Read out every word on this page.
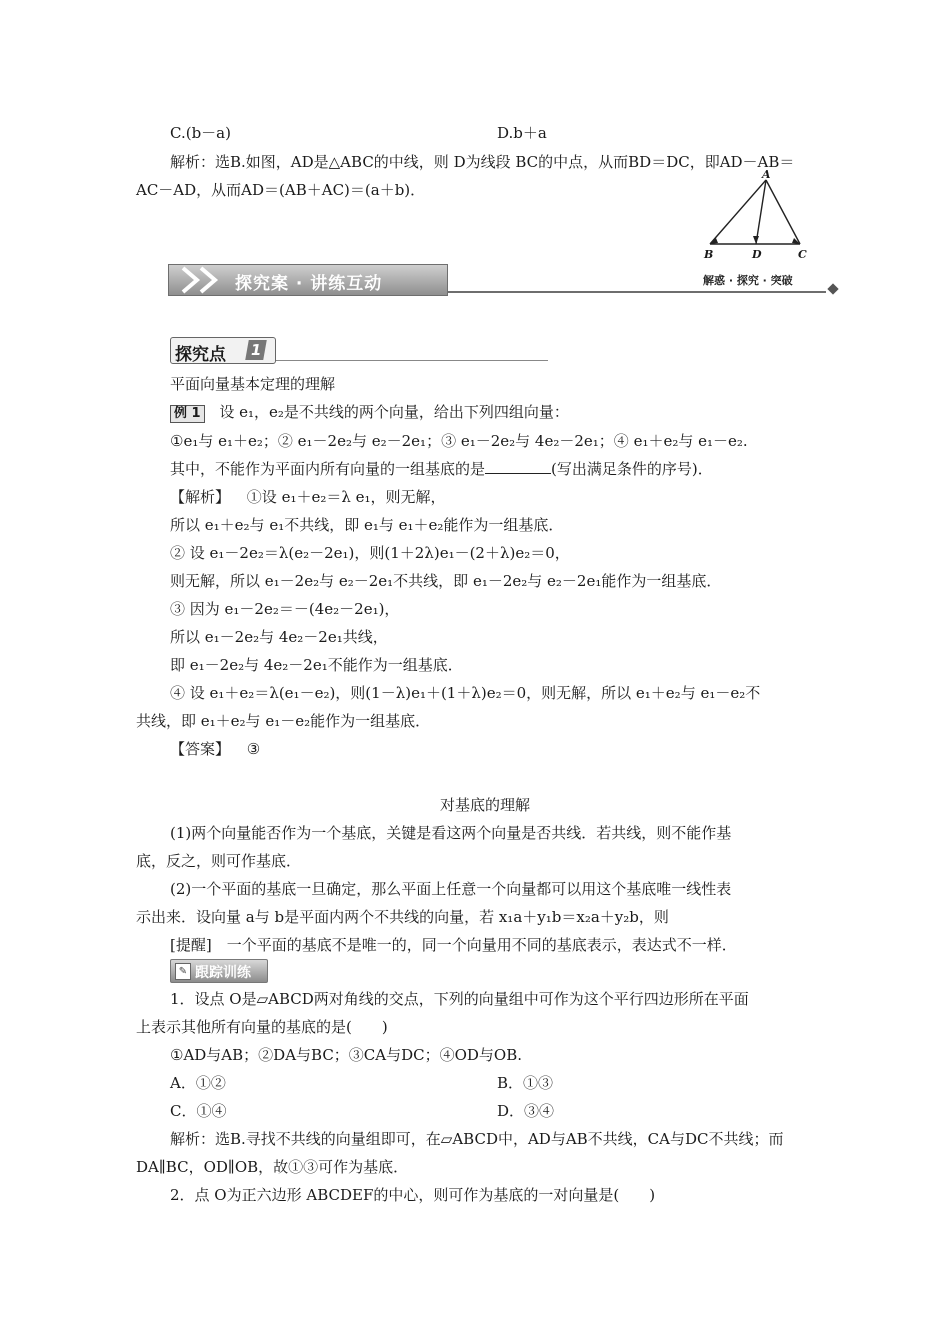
C.(b－a)	D.b＋a
解析：选B.如图，AD是△ABC的中线，则 D为线段 BC的中点，从而BD＝DC，即AD－AB＝
AC－AD，从而AD＝(AB＋AC)＝(a＋b)．
A
B	D	C
探究案 · 讲练互动	解惑 · 探究 · 突破
探究点 1
平面向量基本定理的理解
例 1 设 e₁，e₂是不共线的两个向量，给出下列四组向量：
①e₁与 e₁＋e₂；② e₁－2e₂与 e₂－2e₁；③ e₁－2e₂与 4e₂－2e₁；④ e₁＋e₂与 e₁－e₂.
其中，不能作为平面内所有向量的一组基底的是	(写出满足条件的序号)．
【解析】 ①设 e₁＋e₂＝λ e₁，则无解，
所以 e₁＋e₂与 e₁不共线，即 e₁与 e₁＋e₂能作为一组基底．
② 设 e₁－2e₂＝λ(e₂－2e₁)，则(1＋2λ)e₁－(2＋λ)e₂＝0，
则无解，所以 e₁－2e₂与 e₂－2e₁不共线，即 e₁－2e₂与 e₂－2e₁能作为一组基底．
③ 因为 e₁－2e₂＝－(4e₂－2e₁)，
所以 e₁－2e₂与 4e₂－2e₁共线，
即 e₁－2e₂与 4e₂－2e₁不能作为一组基底．
④ 设 e₁＋e₂＝λ(e₁－e₂)，则(1－λ)e₁＋(1＋λ)e₂＝0，则无解，所以 e₁＋e₂与 e₁－e₂不
共线，即 e₁＋e₂与 e₁－e₂能作为一组基底．
【答案】 ③
对基底的理解
(1)两个向量能否作为一个基底，关键是看这两个向量是否共线．若共线，则不能作基
底，反之，则可作基底．
(2)一个平面的基底一旦确定，那么平面上任意一个向量都可以用这个基底唯一线性表
示出来．设向量 a与 b是平面内两个不共线的向量，若 x₁a＋y₁b＝x₂a＋y₂b，则
[提醒]　一个平面的基底不是唯一的，同一个向量用不同的基底表示，表达式不一样．
✎ 跟踪训练
1．设点 O是▱ABCD两对角线的交点，下列的向量组中可作为这个平行四边形所在平面
上表示其他所有向量的基底的是(　　)
①AD与AB；②DA与BC；③CA与DC；④OD与OB.
A．①②	B．①③
C．①④	D．③④
解析：选B.寻找不共线的向量组即可，在▱ABCD中，AD与AB不共线，CA与DC不共线；而
DA∥BC，OD∥OB，故①③可作为基底．
2．点 O为正六边形 ABCDEF的中心，则可作为基底的一对向量是(　　)
